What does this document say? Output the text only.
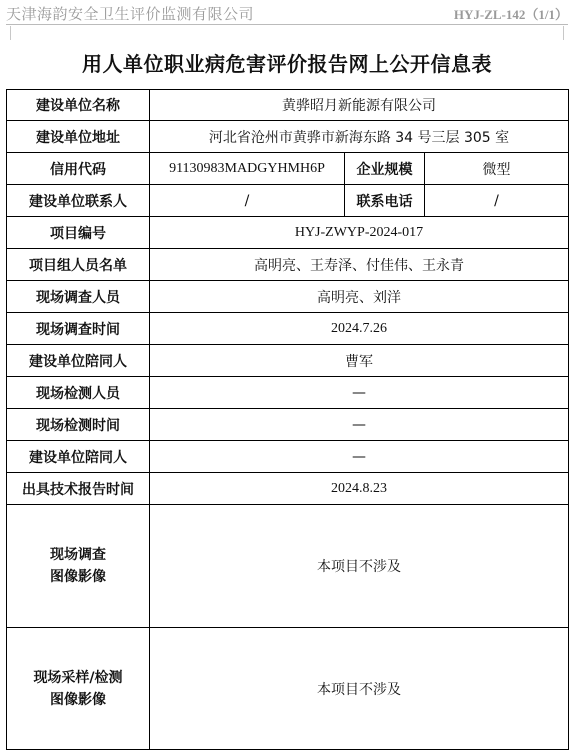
天津海韵安全卫生评价监测有限公司	HYJ-ZL-142（1/1）
用人单位职业病危害评价报告网上公开信息表
建设单位名称	黄骅昭月新能源有限公司		
建设单位地址	河北省沧州市黄骅市新海东路 34 号三层 305 室		
信用代码	91130983MADGYHMH6P	企业规模	微型
建设单位联系人	/	联系电话	/
项目编号	HYJ-ZWYP-2024-017		
项目组人员名单	高明亮、王寿泽、付佳伟、王永青		
现场调查人员	高明亮、刘洋		
现场调查时间	2024.7.26		
建设单位陪同人	曹军		
现场检测人员	—		
现场检测时间	—		
建设单位陪同人	—		
出具技术报告时间	2024.8.23		

现场调查
图像影像	本项目不涉及		

现场采样/检测
图像影像	本项目不涉及		
